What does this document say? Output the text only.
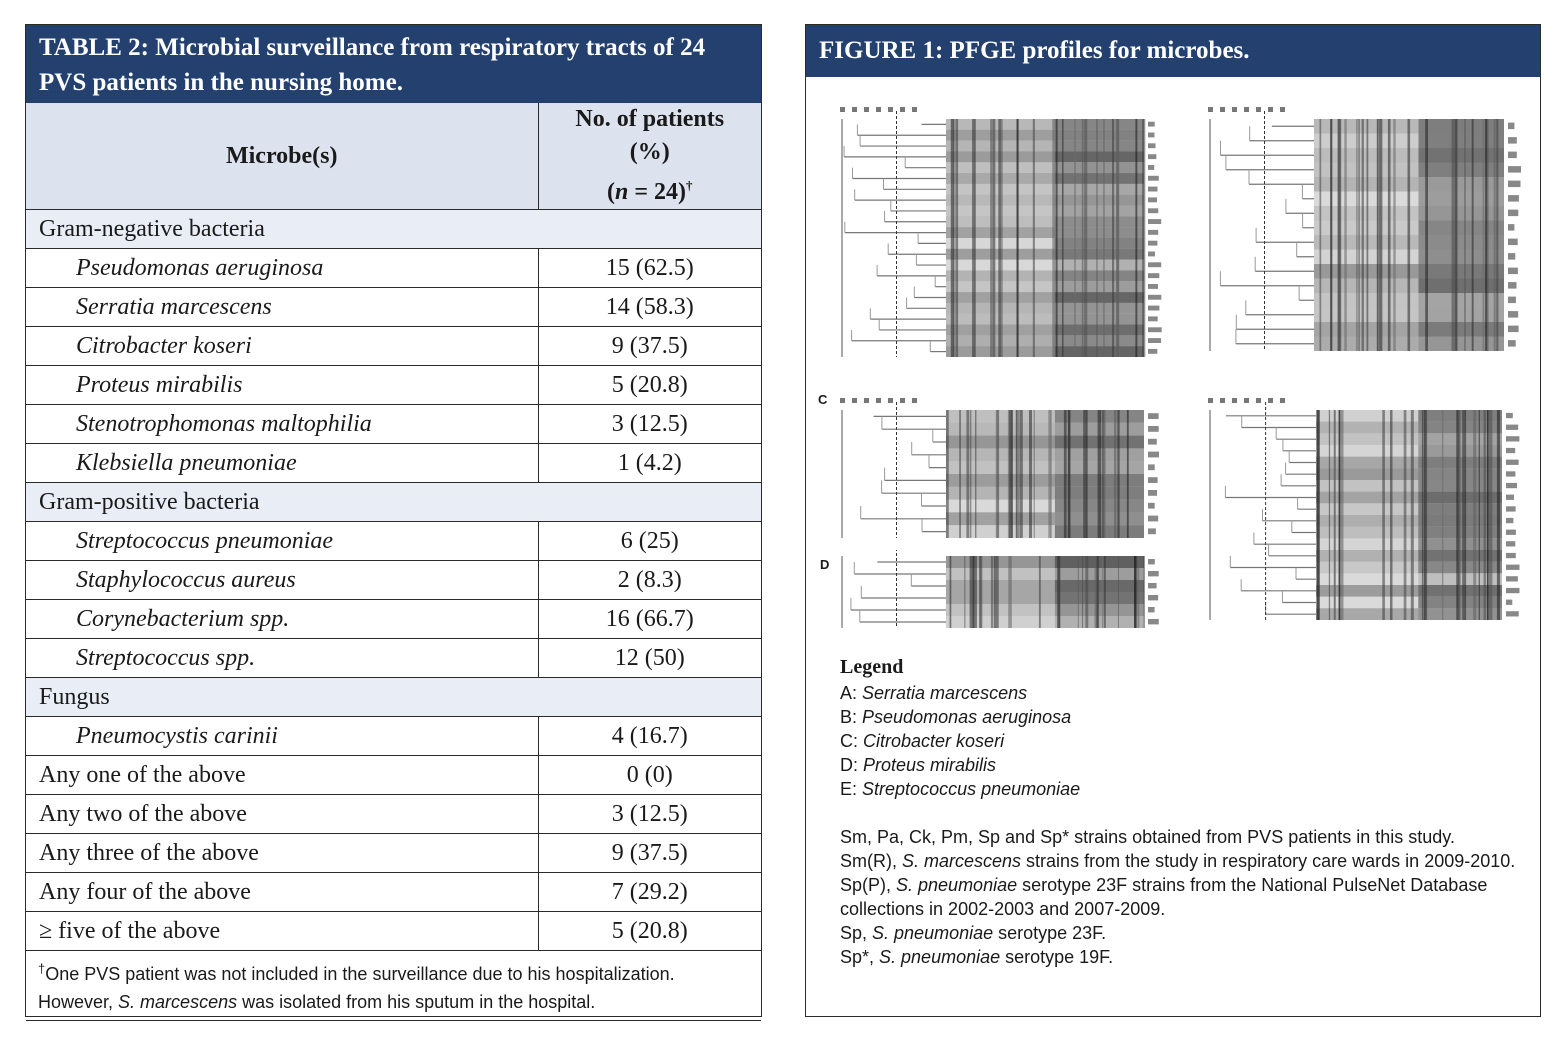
TABLE 2: Microbial surveillance from respiratory tracts of 24 PVS patients in the nursing home.
Microbe(s)	No. of patients
(%)
(n = 24)†
Gram-negative bacteria	
Pseudomonas aeruginosa	15 (62.5)
Serratia marcescens	14 (58.3)
Citrobacter koseri	9 (37.5)
Proteus mirabilis	5 (20.8)
Stenotrophomonas maltophilia	3 (12.5)
Klebsiella pneumoniae	1 (4.2)
Gram-positive bacteria	
Streptococcus pneumoniae	6 (25)
Staphylococcus aureus	2 (8.3)
Corynebacterium spp.	16 (66.7)
Streptococcus spp.	12 (50)
Fungus	
Pneumocystis carinii	4 (16.7)
Any one of the above	0 (0)
Any two of the above	3 (12.5)
Any three of the above	9 (37.5)
Any four of the above	7 (29.2)
≥ five of the above	5 (20.8)
†One PVS patient was not included in the surveillance due to his hospitalization. However, S. marcescens was isolated from his sputum in the hospital.	
FIGURE 1: PFGE profiles for microbes.
C
D
Legend
A: Serratia marcescens
B: Pseudomonas aeruginosa
C: Citrobacter koseri
D: Proteus mirabilis
E: Streptococcus pneumoniae
Sm, Pa, Ck, Pm, Sp and Sp* strains obtained from PVS patients in this study.
Sm(R), S. marcescens strains from the study in respiratory care wards in 2009-2010.
Sp(P), S. pneumoniae serotype 23F strains from the National PulseNet Database collections in 2002-2003 and 2007-2009.
Sp, S. pneumoniae serotype 23F.
Sp*, S. pneumoniae serotype 19F.
